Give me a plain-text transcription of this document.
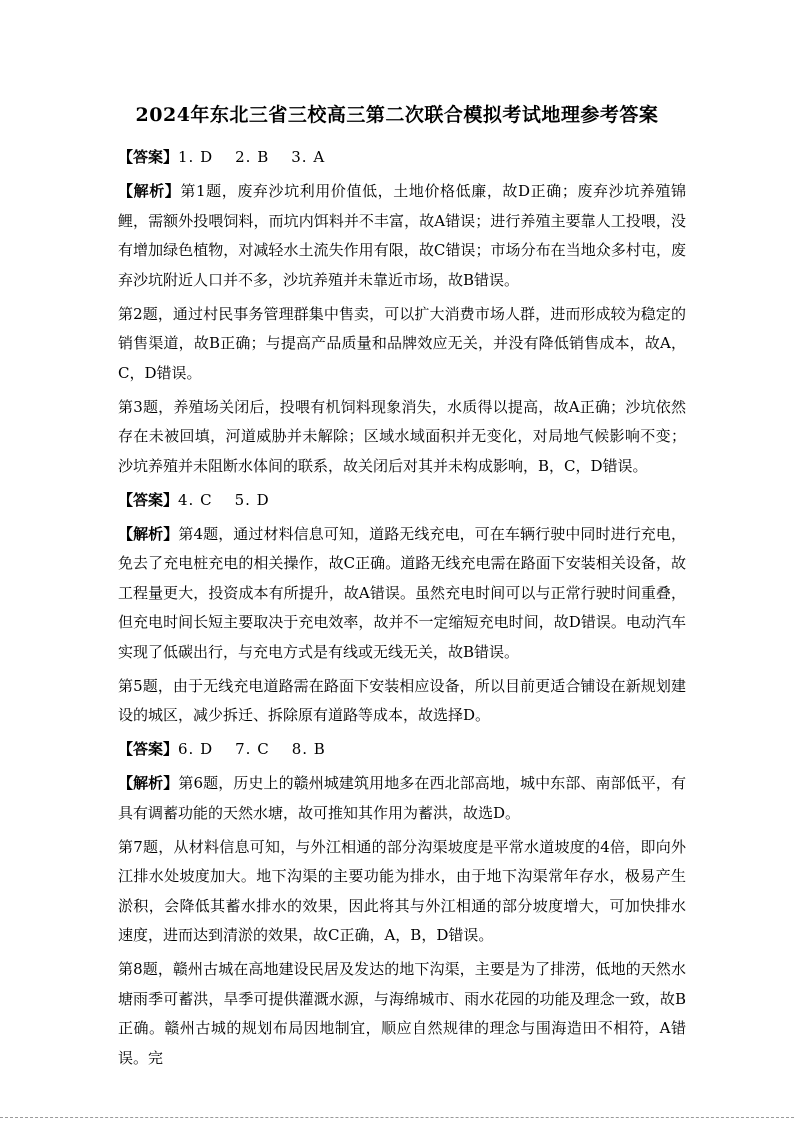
2024年东北三省三校高三第二次联合模拟考试地理参考答案
【答案】1. D 2. B 3. A

【解析】第1题，废弃沙坑利用价值低，土地价格低廉，故D正确；废弃沙坑养殖锦鲤，需额外投喂饲料，而坑内饵料并不丰富，故A错误；进行养殖主要靠人工投喂，没有增加绿色植物，对减轻水土流失作用有限，故C错误；市场分布在当地众多村屯，废弃沙坑附近人口并不多，沙坑养殖并未靠近市场，故B错误。

第2题，通过村民事务管理群集中售卖，可以扩大消费市场人群，进而形成较为稳定的销售渠道，故B正确；与提高产品质量和品牌效应无关，并没有降低销售成本，故A，C，D错误。

第3题，养殖场关闭后，投喂有机饲料现象消失，水质得以提高，故A正确；沙坑依然存在未被回填，河道威胁并未解除；区域水域面积并无变化，对局地气候影响不变；沙坑养殖并未阻断水体间的联系，故关闭后对其并未构成影响，B，C，D错误。

【答案】4. C 5. D

【解析】第4题，通过材料信息可知，道路无线充电，可在车辆行驶中同时进行充电，免去了充电桩充电的相关操作，故C正确。道路无线充电需在路面下安装相关设备，故工程量更大，投资成本有所提升，故A错误。虽然充电时间可以与正常行驶时间重叠，但充电时间长短主要取决于充电效率，故并不一定缩短充电时间，故D错误。电动汽车实现了低碳出行，与充电方式是有线或无线无关，故B错误。

第5题，由于无线充电道路需在路面下安装相应设备，所以目前更适合铺设在新规划建设的城区，减少拆迁、拆除原有道路等成本，故选择D。

【答案】6. D 7. C 8. B

【解析】第6题，历史上的赣州城建筑用地多在西北部高地，城中东部、南部低平，有具有调蓄功能的天然水塘，故可推知其作用为蓄洪，故选D。

第7题，从材料信息可知，与外江相通的部分沟渠坡度是平常水道坡度的4倍，即向外江排水处坡度加大。地下沟渠的主要功能为排水，由于地下沟渠常年存水，极易产生淤积，会降低其蓄水排水的效果，因此将其与外江相通的部分坡度增大，可加快排水速度，进而达到清淤的效果，故C正确，A，B，D错误。

第8题，赣州古城在高地建设民居及发达的地下沟渠，主要是为了排涝，低地的天然水塘雨季可蓄洪，旱季可提供灌溉水源，与海绵城市、雨水花园的功能及理念一致，故B正确。赣州古城的规划布局因地制宜，顺应自然规律的理念与围海造田不相符，A错误。完
